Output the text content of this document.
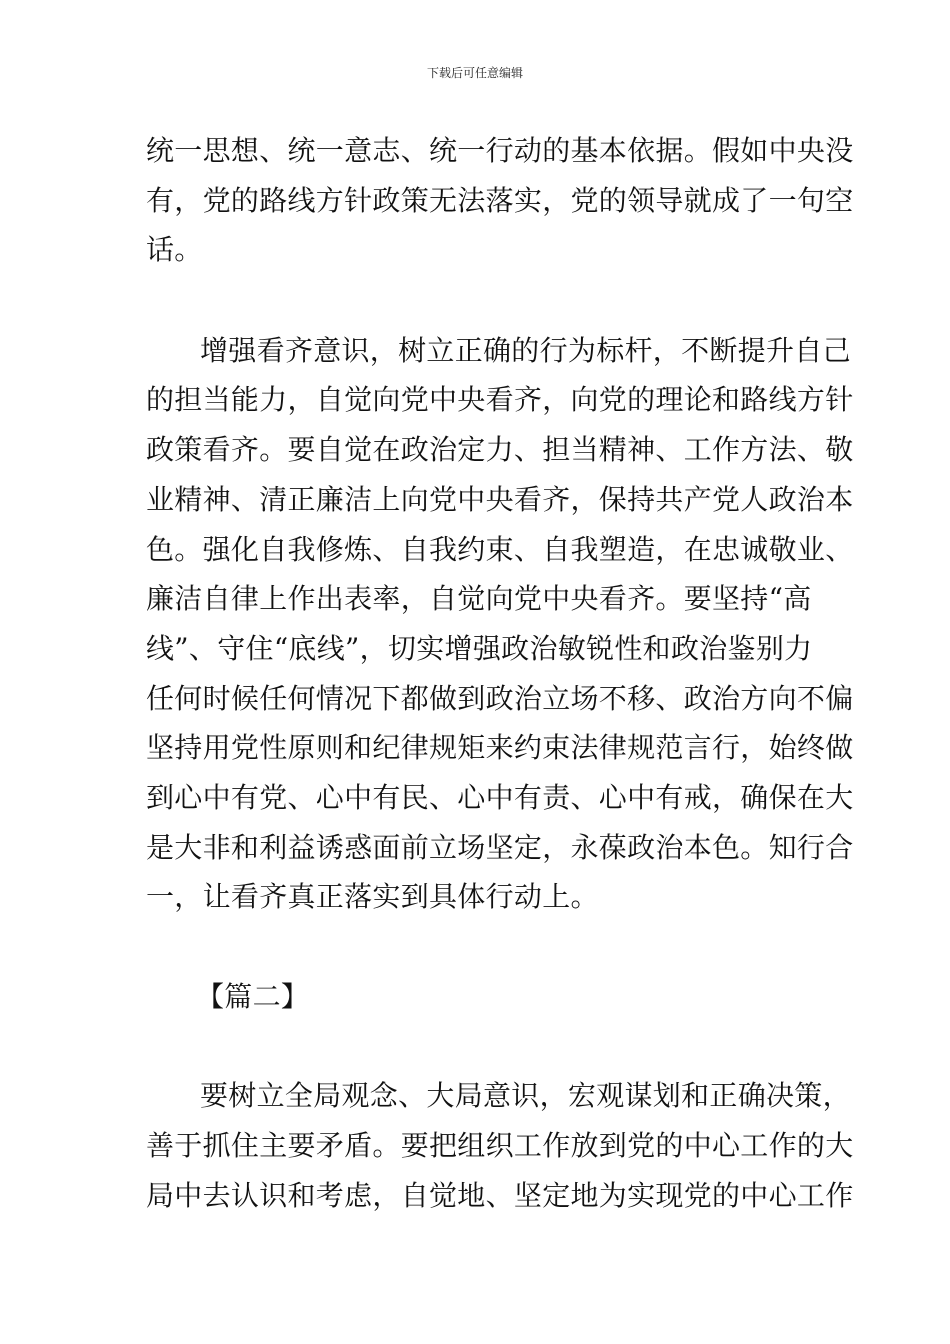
下载后可任意编辑
统一思想、统一意志、统一行动的基本依据。假如中央没
有，党的路线方针政策无法落实，党的领导就成了一句空
话。
增强看齐意识，树立正确的行为标杆，不断提升自己
的担当能力，自觉向党中央看齐，向党的理论和路线方针
政策看齐。要自觉在政治定力、担当精神、工作方法、敬
业精神、清正廉洁上向党中央看齐，保持共产党人政治本
色。强化自我修炼、自我约束、自我塑造，在忠诚敬业、
廉洁自律上作出表率，自觉向党中央看齐。要坚持“高
线”、守住“底线”，切实增强政治敏锐性和政治鉴别力
任何时候任何情况下都做到政治立场不移、政治方向不偏
坚持用党性原则和纪律规矩来约束法律规范言行，始终做
到心中有党、心中有民、心中有责、心中有戒，确保在大
是大非和利益诱惑面前立场坚定，永葆政治本色。知行合
一，让看齐真正落实到具体行动上。
【篇二】
要树立全局观念、大局意识，宏观谋划和正确决策，
善于抓住主要矛盾。要把组织工作放到党的中心工作的大
局中去认识和考虑，自觉地、坚定地为实现党的中心工作
